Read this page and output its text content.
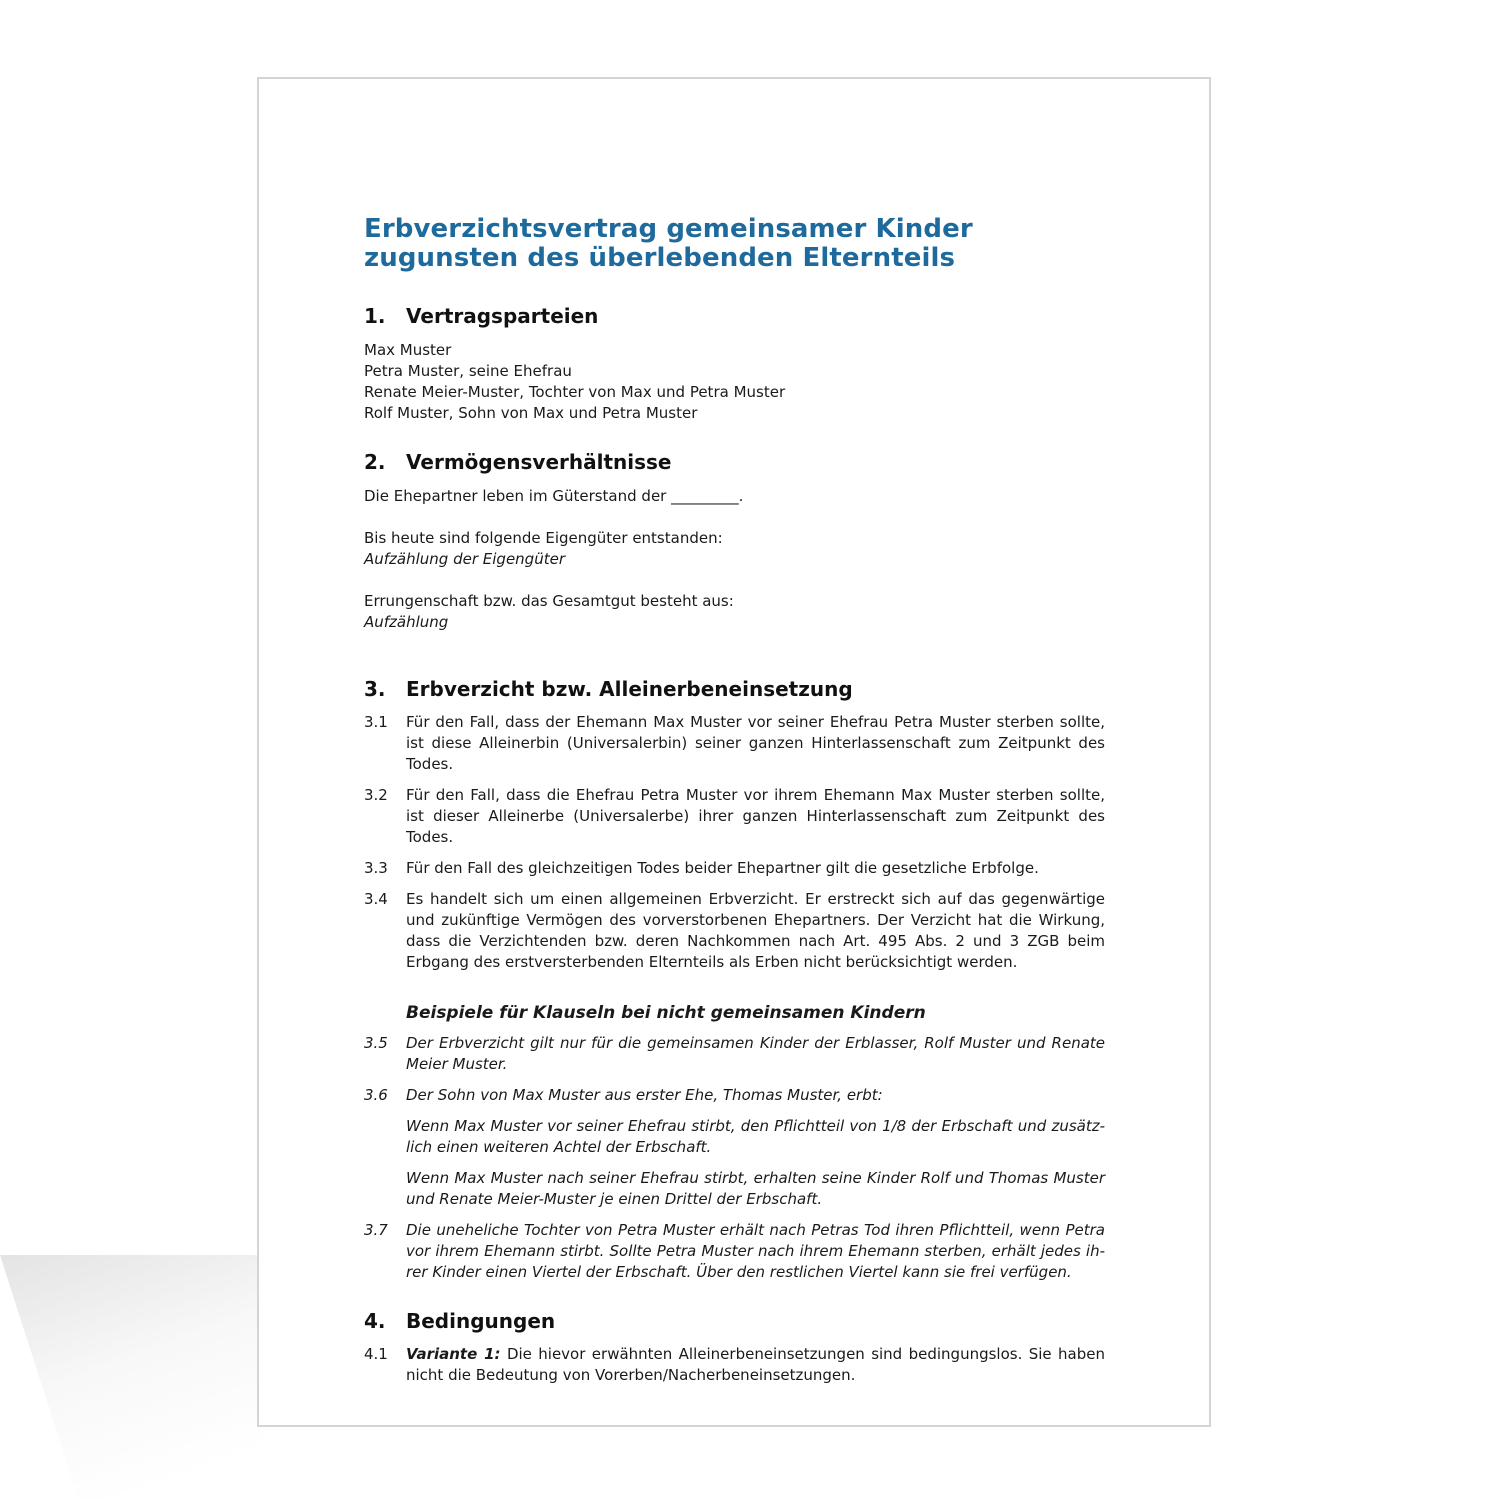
Erbverzichtsvertrag gemeinsamer Kinder
zugunsten des überlebenden Elternteils
1.	Vertragsparteien

Max Muster

Petra Muster, seine Ehefrau

Renate Meier-Muster, Tochter von Max und Petra Muster

Rolf Muster, Sohn von Max und Petra Muster

2.	Vermögensverhältnisse

Die Ehepartner leben im Güterstand der _________.

Bis heute sind folgende Eigengüter entstanden:

Aufzählung der Eigengüter

Errungenschaft bzw. das Gesamtgut besteht aus:

Aufzählung

3.	Erbverzicht bzw. Alleinerbeneinsetzung
3.1	Für den Fall, dass der Ehemann Max Muster vor seiner Ehefrau Petra Muster sterben sollte, ist diese Alleinerbin (Universalerbin) seiner ganzen Hinterlassenschaft zum Zeitpunkt des Todes.
3.2	Für den Fall, dass die Ehefrau Petra Muster vor ihrem Ehemann Max Muster sterben sollte, ist dieser Alleinerbe (Universalerbe) ihrer ganzen Hinterlassenschaft zum Zeitpunkt des Todes.
3.3	Für den Fall des gleichzeitigen Todes beider Ehepartner gilt die gesetzliche Erbfolge.
3.4	Es handelt sich um einen allgemeinen Erbverzicht. Er erstreckt sich auf das gegenwärtige und zukünftige Vermögen des vorverstorbenen Ehepartners. Der Verzicht hat die Wirkung, dass die Verzichtenden bzw. deren Nachkommen nach Art. 495 Abs. 2 und 3 ZGB beim Erbgang des erstversterbenden Elternteils als Erben nicht berücksichtigt werden.
Beispiele für Klauseln bei nicht gemeinsamen Kindern
3.5	Der Erbverzicht gilt nur für die gemeinsamen Kinder der Erblasser, Rolf Muster und Renate Meier Muster.
3.6	Der Sohn von Max Muster aus erster Ehe, Thomas Muster, erbt:
Wenn Max Muster vor seiner Ehefrau stirbt, den Pflichtteil von 1/8 der Erbschaft und zusätz-lich einen weiteren Achtel der Erbschaft.
Wenn Max Muster nach seiner Ehefrau stirbt, erhalten seine Kinder Rolf und Thomas Muster und Renate Meier-Muster je einen Drittel der Erbschaft.
3.7	Die uneheliche Tochter von Petra Muster erhält nach Petras Tod ihren Pflichtteil, wenn Petra vor ihrem Ehemann stirbt. Sollte Petra Muster nach ihrem Ehemann sterben, erhält jedes ih-rer Kinder einen Viertel der Erbschaft. Über den restlichen Viertel kann sie frei verfügen.
4.	Bedingungen
4.1	Variante 1: Die hievor erwähnten Alleinerbeneinsetzungen sind bedingungslos. Sie haben nicht die Bedeutung von Vorerben/Nacherbeneinsetzungen.
